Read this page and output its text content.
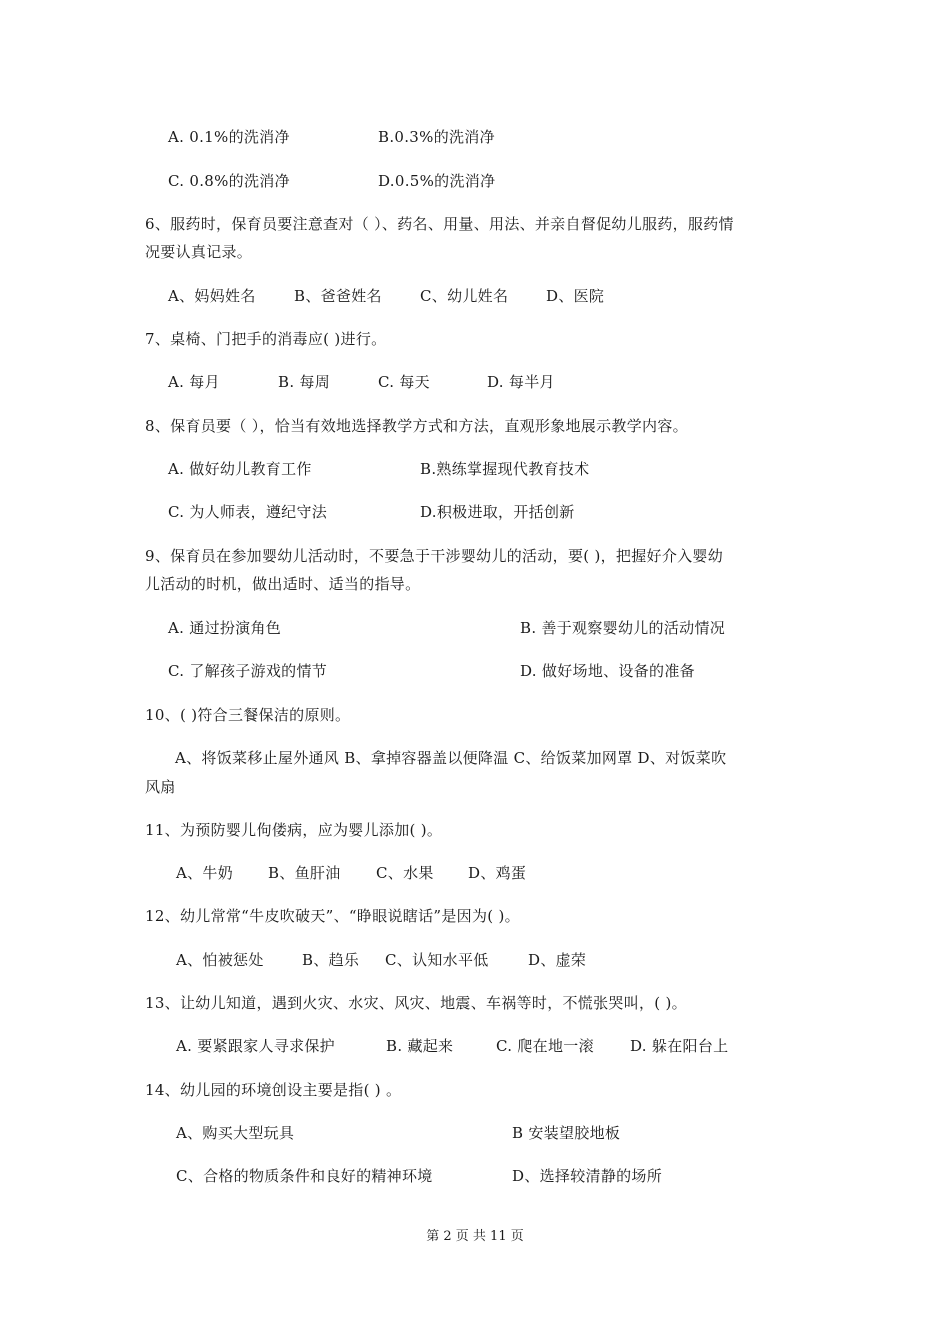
A. 0.1%的洗消净	B.0.3%的洗消净
C. 0.8%的洗消净	D.0.5%的洗消净
6、服药时，保育员要注意查对（ ）、药名、用量、用法、并亲自督促幼儿服药，服药情
况要认真记录。
A、妈妈姓名	B、爸爸姓名	C、幼儿姓名	D、医院
7、桌椅、门把手的消毒应( )进行。
A. 每月	B. 每周	C. 每天	D. 每半月
8、保育员要（ ），恰当有效地选择教学方式和方法，直观形象地展示教学内容。
A. 做好幼儿教育工作	B.熟练掌握现代教育技术
C. 为人师表，遵纪守法	D.积极进取，开括创新
9、保育员在参加婴幼儿活动时，不要急于干涉婴幼儿的活动，要( )，把握好介入婴幼
儿活动的时机，做出适时、适当的指导。
A. 通过扮演角色	B. 善于观察婴幼儿的活动情况
C. 了解孩子游戏的情节	D. 做好场地、设备的准备
10、( )符合三餐保洁的原则。
A、将饭菜移止屋外通风 B、拿掉容器盖以便降温 C、给饭菜加网罩 D、对饭菜吹
风扇
11、为预防婴儿佝偻病，应为婴儿添加( )。
A、牛奶 B、鱼肝油 C、水果 D、鸡蛋
12、幼儿常常“牛皮吹破天”、“睁眼说瞎话”是因为( )。
A、怕被惩处	B、趋乐 C、认知水平低	D、虚荣
13、让幼儿知道，遇到火灾、水灾、风灾、地震、车祸等时，不慌张哭叫，( )。
A. 要紧跟家人寻求保护	B. 藏起来	C. 爬在地一滚 D. 躲在阳台上
14、幼儿园的环境创设主要是指( ) 。
A、购买大型玩具	B 安装望胶地板
C、合格的物质条件和良好的精神环境	D、选择较清静的场所
第 2 页 共 11 页
